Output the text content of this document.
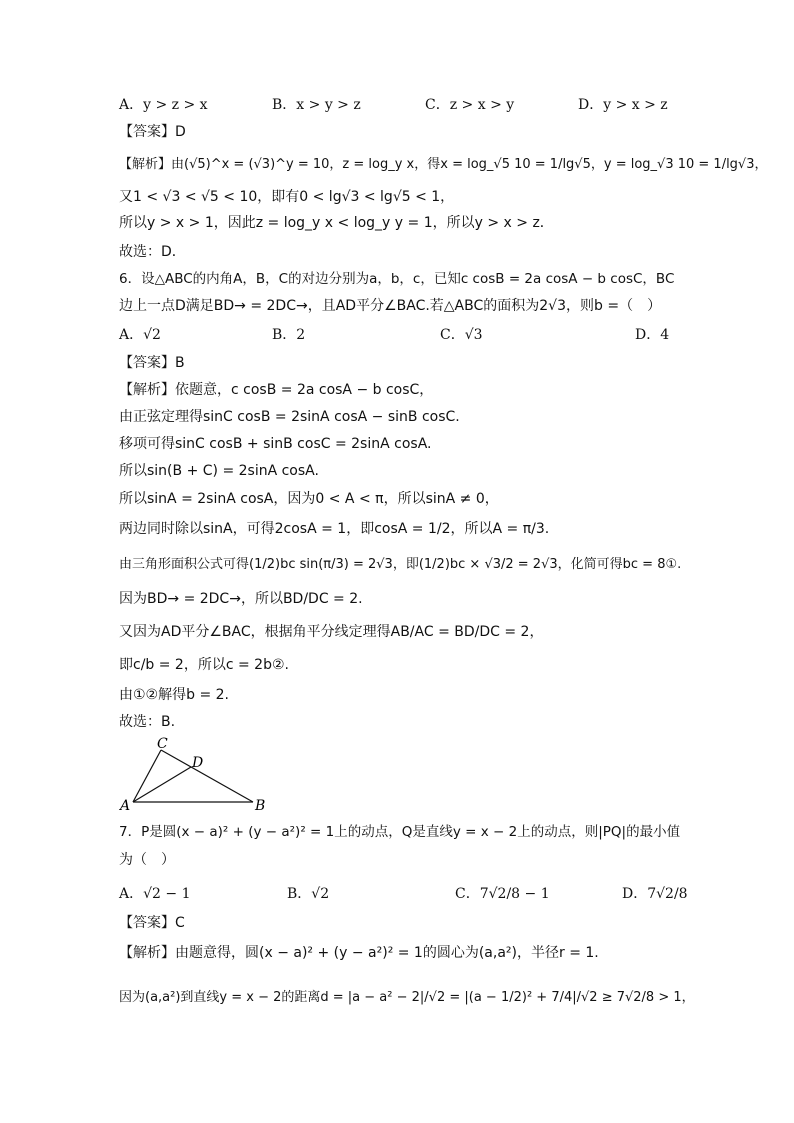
A．y > z > x	B．x > y > z	C．z > x > y	D．y > x > z
【答案】D
【解析】由(√5)^x = (√3)^y = 10，z = log_y x，得x = log_√5 10 = 1/lg√5，y = log_√3 10 = 1/lg√3，
又1 < √3 < √5 < 10，即有0 < lg√3 < lg√5 < 1，
所以y > x > 1，因此z = log_y x < log_y y = 1，所以y > x > z．
故选：D．
6．设△ABC的内角A，B，C的对边分别为a，b，c，已知c cosB = 2a cosA − b cosC，BC
边上一点D满足BD→ = 2DC→，且AD平分∠BAC.若△ABC的面积为2√3，则b =（　）
A．√2	B．2	C．√3	D．4
【答案】B
【解析】依题意，c cosB = 2a cosA − b cosC，
由正弦定理得sinC cosB = 2sinA cosA − sinB cosC.
移项可得sinC cosB + sinB cosC = 2sinA cosA.
所以sin(B + C) = 2sinA cosA.
所以sinA = 2sinA cosA，因为0 < A < π，所以sinA ≠ 0，
两边同时除以sinA，可得2cosA = 1，即cosA = 1/2，所以A = π/3.
由三角形面积公式可得(1/2)bc sin(π/3) = 2√3，即(1/2)bc × √3/2 = 2√3，化简可得bc = 8①.
因为BD→ = 2DC→，所以BD/DC = 2.
又因为AD平分∠BAC，根据角平分线定理得AB/AC = BD/DC = 2，
即c/b = 2，所以c = 2b②.
由①②解得b = 2.
故选：B.
C
D
A	B
7．P是圆(x − a)² + (y − a²)² = 1上的动点，Q是直线y = x − 2上的动点，则|PQ|的最小值
为（　）
A．√2 − 1	B．√2	C．7√2/8 − 1	D．7√2/8
【答案】C
【解析】由题意得，圆(x − a)² + (y − a²)² = 1的圆心为(a,a²)，半径r = 1.
因为(a,a²)到直线y = x − 2的距离d = |a − a² − 2|/√2 = |(a − 1/2)² + 7/4|/√2 ≥ 7√2/8 > 1，
